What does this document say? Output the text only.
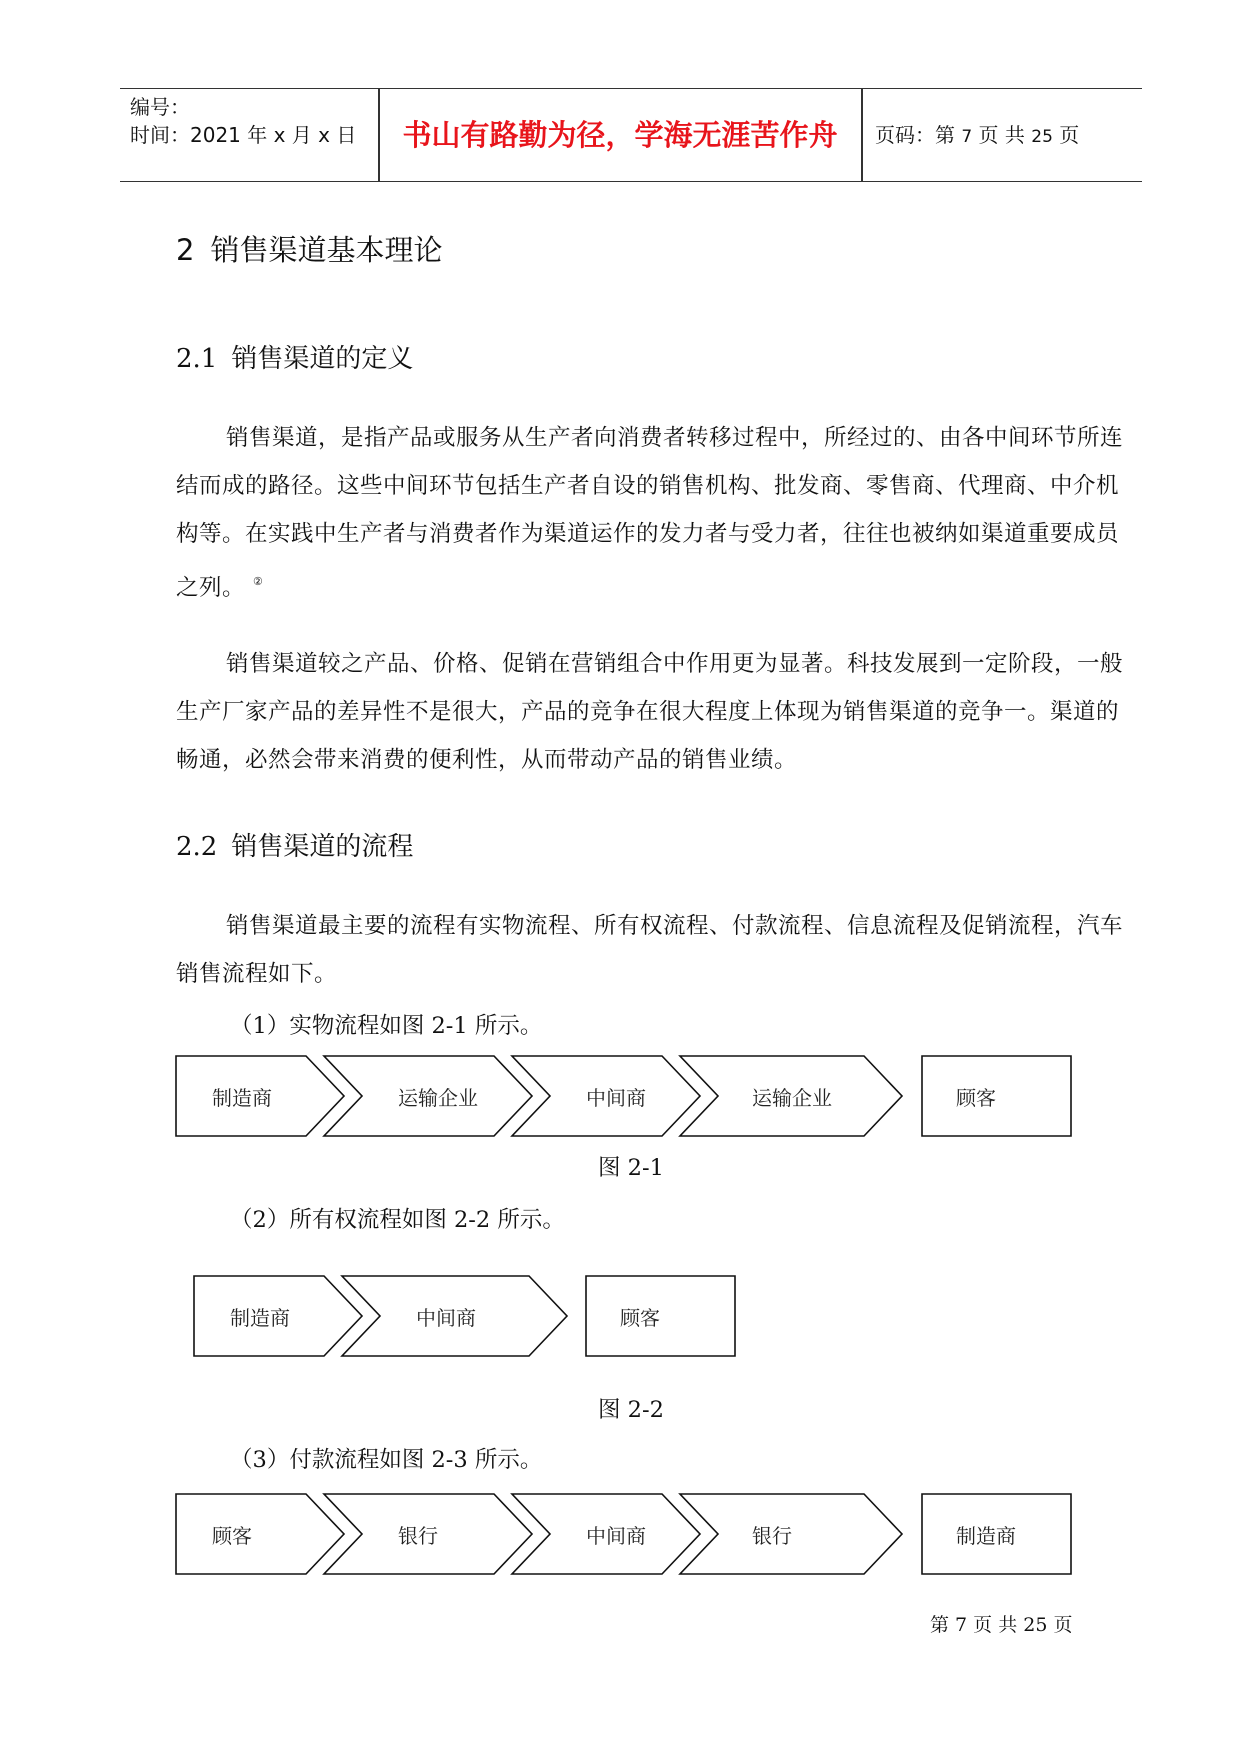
编号：
时间：2021 年 x 月 x 日	书山有路勤为径，学海无涯苦作舟	页码：第 7 页 共 25 页
2 销售渠道基本理论
2.1 销售渠道的定义
销售渠道，是指产品或服务从生产者向消费者转移过程中，所经过的、由各中间环节所连结而成的路径。这些中间环节包括生产者自设的销售机构、批发商、零售商、代理商、中介机构等。在实践中生产者与消费者作为渠道运作的发力者与受力者，往往也被纳如渠道重要成员之列。 ②
销售渠道较之产品、价格、促销在营销组合中作用更为显著。科技发展到一定阶段，一般生产厂家产品的差异性不是很大，产品的竞争在很大程度上体现为销售渠道的竞争一。渠道的畅通，必然会带来消费的便利性，从而带动产品的销售业绩。
2.2 销售渠道的流程
销售渠道最主要的流程有实物流程、所有权流程、付款流程、信息流程及促销流程，汽车销售流程如下。
（1）实物流程如图 2-1 所示。
制造商	运输企业	中间商	运输企业	顾客
图 2-1
（2）所有权流程如图 2-2 所示。
制造商	中间商	顾客
图 2-2
（3）付款流程如图 2-3 所示。
顾客	银行	中间商	银行	制造商
第 7 页 共 25 页
